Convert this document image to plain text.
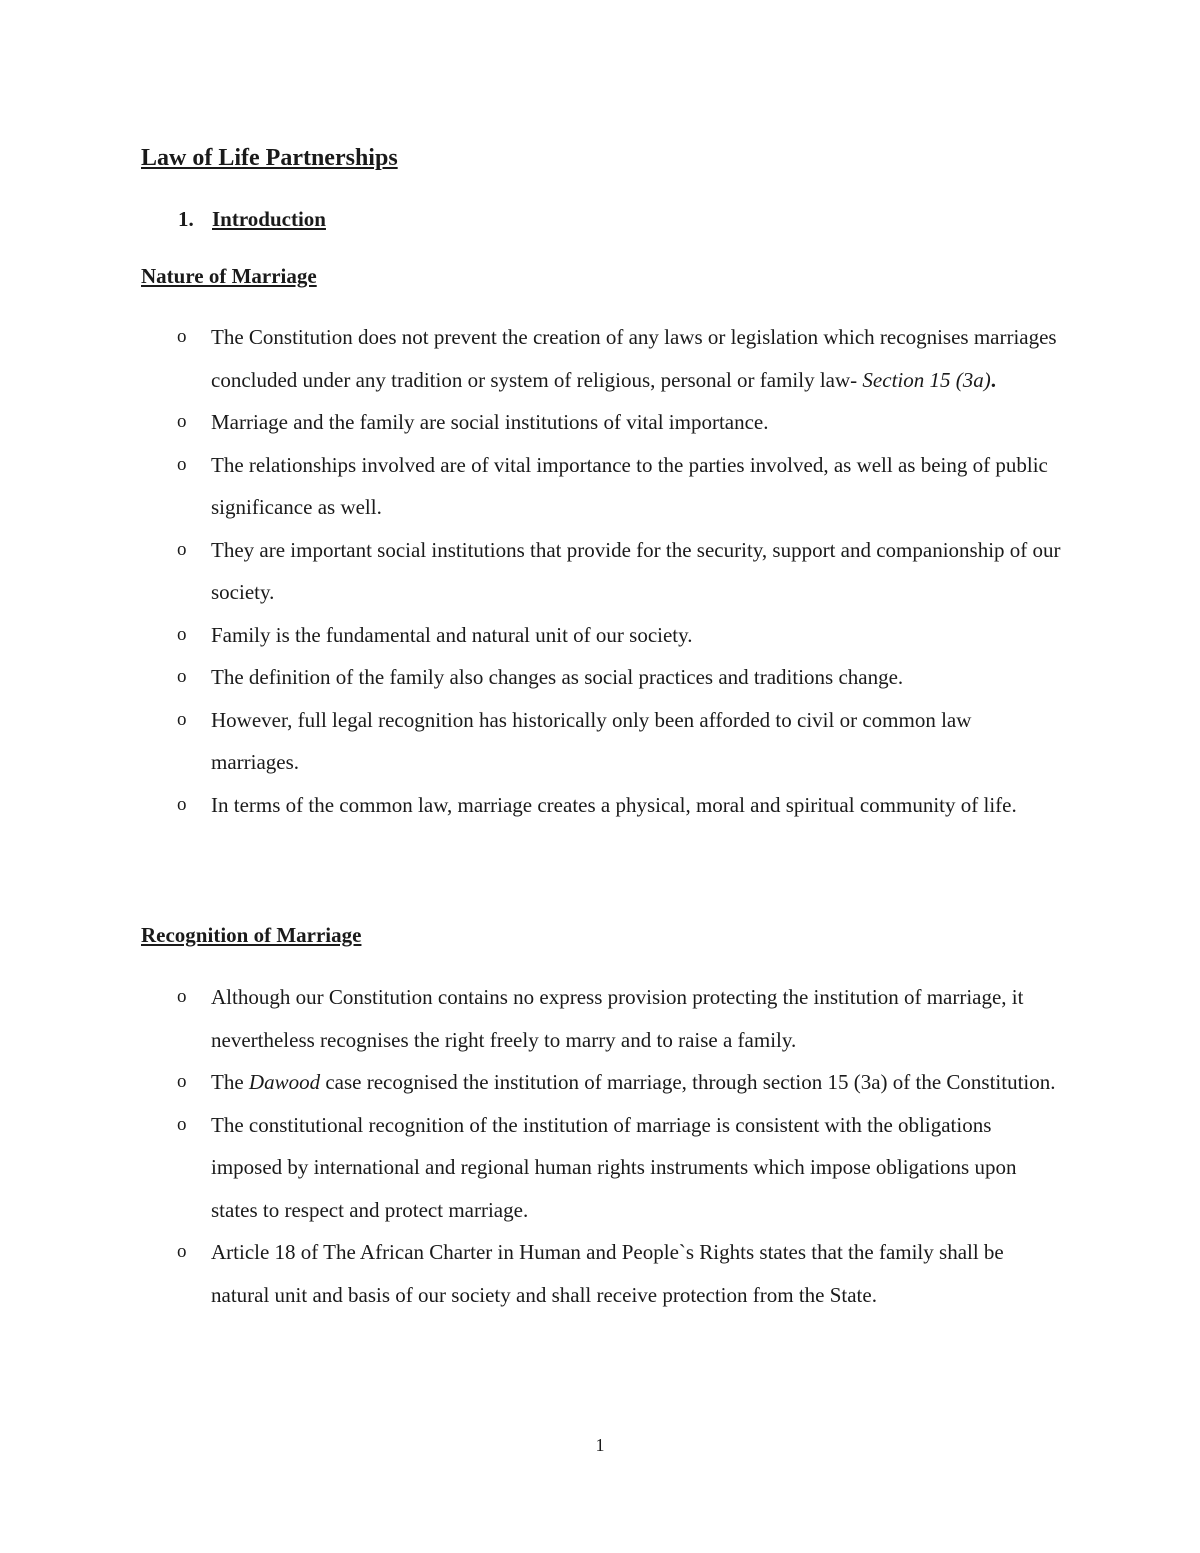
Law of Life Partnerships
1. Introduction
Nature of Marriage
o The Constitution does not prevent the creation of any laws or legislation which recognises marriages concluded under any tradition or system of religious, personal or family law- Section 15 (3a).
o Marriage and the family are social institutions of vital importance.
o The relationships involved are of vital importance to the parties involved, as well as being of public significance as well.
o They are important social institutions that provide for the security, support and companionship of our society.
o Family is the fundamental and natural unit of our society.
o The definition of the family also changes as social practices and traditions change.
o However, full legal recognition has historically only been afforded to civil or common law marriages.
o In terms of the common law, marriage creates a physical, moral and spiritual community of life.
Recognition of Marriage
o Although our Constitution contains no express provision protecting the institution of marriage, it nevertheless recognises the right freely to marry and to raise a family.
o The Dawood case recognised the institution of marriage, through section 15 (3a) of the Constitution.
o The constitutional recognition of the institution of marriage is consistent with the obligations imposed by international and regional human rights instruments which impose obligations upon states to respect and protect marriage.
o Article 18 of The African Charter in Human and People`s Rights states that the family shall be natural unit and basis of our society and shall receive protection from the State.
1
